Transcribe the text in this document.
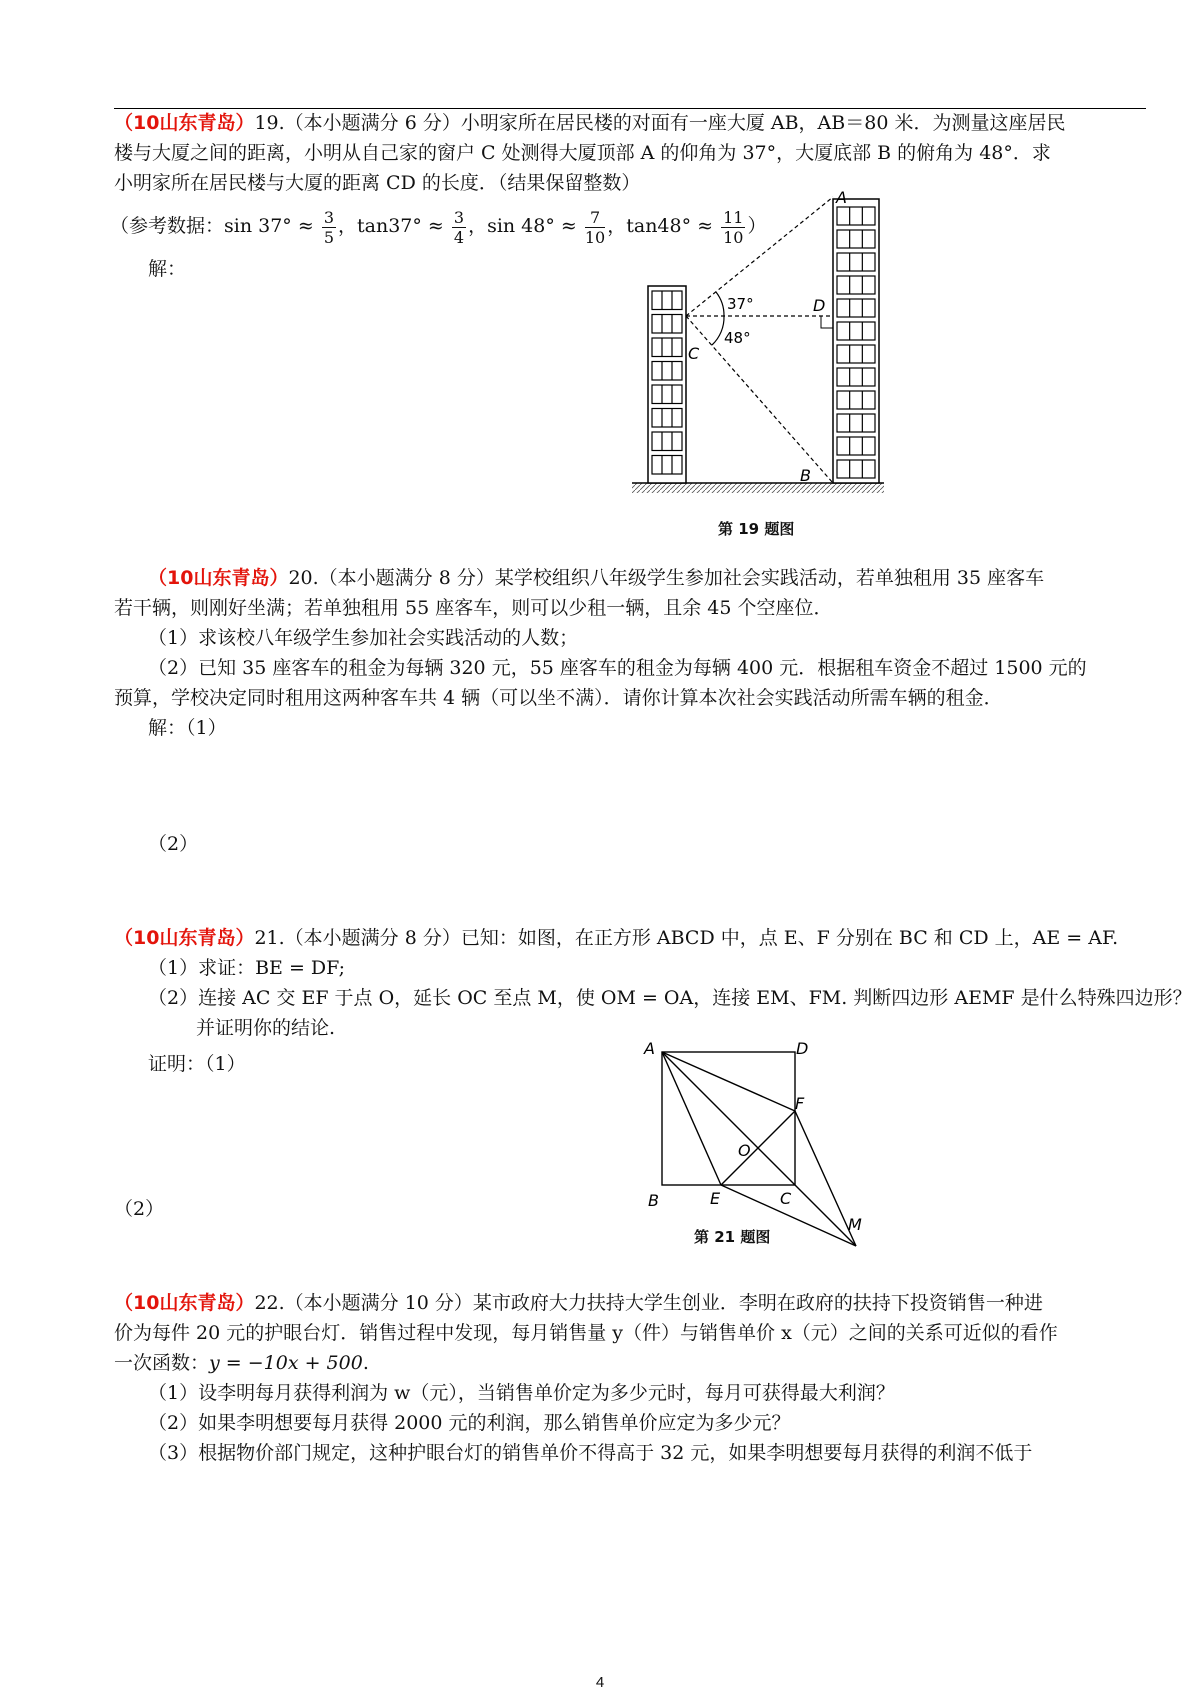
（10山东青岛）19.（本小题满分 6 分）小明家所在居民楼的对面有一座大厦 AB，AB＝80 米．为测量这座居民
楼与大厦之间的距离，小明从自己家的窗户 C 处测得大厦顶部 A 的仰角为 37°，大厦底部 B 的俯角为 48°．求
小明家所在居民楼与大厦的距离 CD 的长度．（结果保留整数）
（参考数据：$\sin 37^\circ \approx \frac{3}{5}$ ，$\tan 37^\circ \approx \frac{3}{4}$ ，$\sin 48^\circ \approx \frac{7}{10}$ ，$\tan 48^\circ \approx \frac{11}{10}$ ）
解：
37°
48°
A
B
C
D
第 19 题图
（10山东青岛）20.（本小题满分 8 分）某学校组织八年级学生参加社会实践活动，若单独租用 35 座客车
若干辆，则刚好坐满；若单独租用 55 座客车，则可以少租一辆，且余 45 个空座位．
（1）求该校八年级学生参加社会实践活动的人数；
（2）已知 35 座客车的租金为每辆 320 元，55 座客车的租金为每辆 400 元．根据租车资金不超过 1500 元的
预算，学校决定同时租用这两种客车共 4 辆（可以坐不满）．请你计算本次社会实践活动所需车辆的租金．
解：（1）
（2）
（10山东青岛）21.（本小题满分 8 分）已知：如图，在正方形 ABCD 中，点 E、F 分别在 BC 和 CD 上，AE = AF.
（1）求证：BE = DF;
（2）连接 AC 交 EF 于点 O，延长 OC 至点 M，使 OM = OA，连接 EM、FM. 判断四边形 AEMF 是什么特殊四边形？
并证明你的结论.
证明：（1）
（2）
A	D
B	E	C
F
O
M
第 21 题图
（10山东青岛）22.（本小题满分 10 分）某市政府大力扶持大学生创业．李明在政府的扶持下投资销售一种进
价为每件 20 元的护眼台灯．销售过程中发现，每月销售量 y（件）与销售单价 x（元）之间的关系可近似的看作
一次函数：y = −10x + 500.
（1）设李明每月获得利润为 w（元），当销售单价定为多少元时，每月可获得最大利润？
（2）如果李明想要每月获得 2000 元的利润，那么销售单价应定为多少元？
（3）根据物价部门规定，这种护眼台灯的销售单价不得高于 32 元，如果李明想要每月获得的利润不低于
4
